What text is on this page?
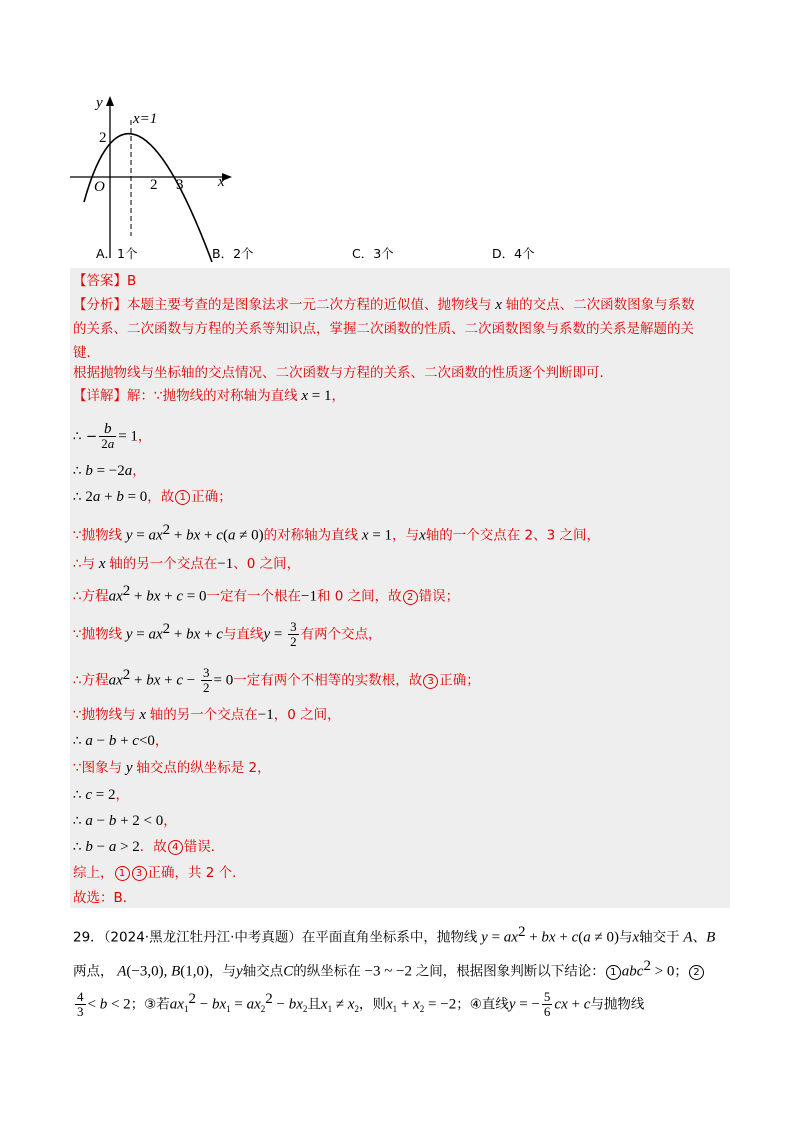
y
x
O
2
2 3
x=1
A．1个	B．2个	C．3个	D．4个
【答案】B
【分析】本题主要考查的是图象法求一元二次方程的近似值、抛物线与 x 轴的交点、二次函数图象与系数
的关系、二次函数与方程的关系等知识点，掌握二次函数的性质、二次函数图象与系数的关系是解题的关
键．
根据抛物线与坐标轴的交点情况、二次函数与方程的关系、二次函数的性质逐个判断即可．
【详解】解：∵抛物线的对称轴为直线 x = 1，
∴ − $\frac{b}{2a} = 1$，
∴ b = −2a，
∴ 2a + b = 0，故 1 正确；
∵抛物线 $y = ax^2$ + bx + c(a ≠ 0)的对称轴为直线 x = 1，与x轴的一个交点在 2、3 之间，
∴与 x 轴的另一个交点在−1、0 之间，
∴方程$ax^2$ + bx + c = 0一定有一个根在−1和 0 之间，故 2 错误；
∵抛物线 $y = ax^2$ + bx + c与直线$y = \frac{3}{2}$ 有两个交点，
∴方程$ax^2$ + bx + $c - \frac{3}{2} = 0$一定有两个不相等的实数根，故 3 正确；
∵抛物线与 x 轴的另一个交点在−1，0 之间，
∴ a − b + c<0，
∵图象与 y 轴交点的纵坐标是 2，
∴ c = 2，
∴ a − b + 2 < 0，
∴ b − a > 2．故 4 错误．
综上， 1 3 正确，共 2 个．
故选：B．
29．（2024·黑龙江牡丹江·中考真题）在平面直角坐标系中，抛物线 $y = ax^2$ + bx + c(a ≠ 0)与x轴交于 A、B
两点， A(−3,0), B(1,0)，与y轴交点C的纵坐标在 −3 ~ −2 之间，根据图象判断以下结论： 1 abc$^2$ > 0； 2
$\frac{4}{3} < b < 2$；③若$ax_1^2 - bx_1 = ax_2^2 - bx_2$且$x_1 \ne x_2$，则$x_1 + x_2 = -2$；④直线y = − $\frac{5}{6}$ cx + c与抛物线
